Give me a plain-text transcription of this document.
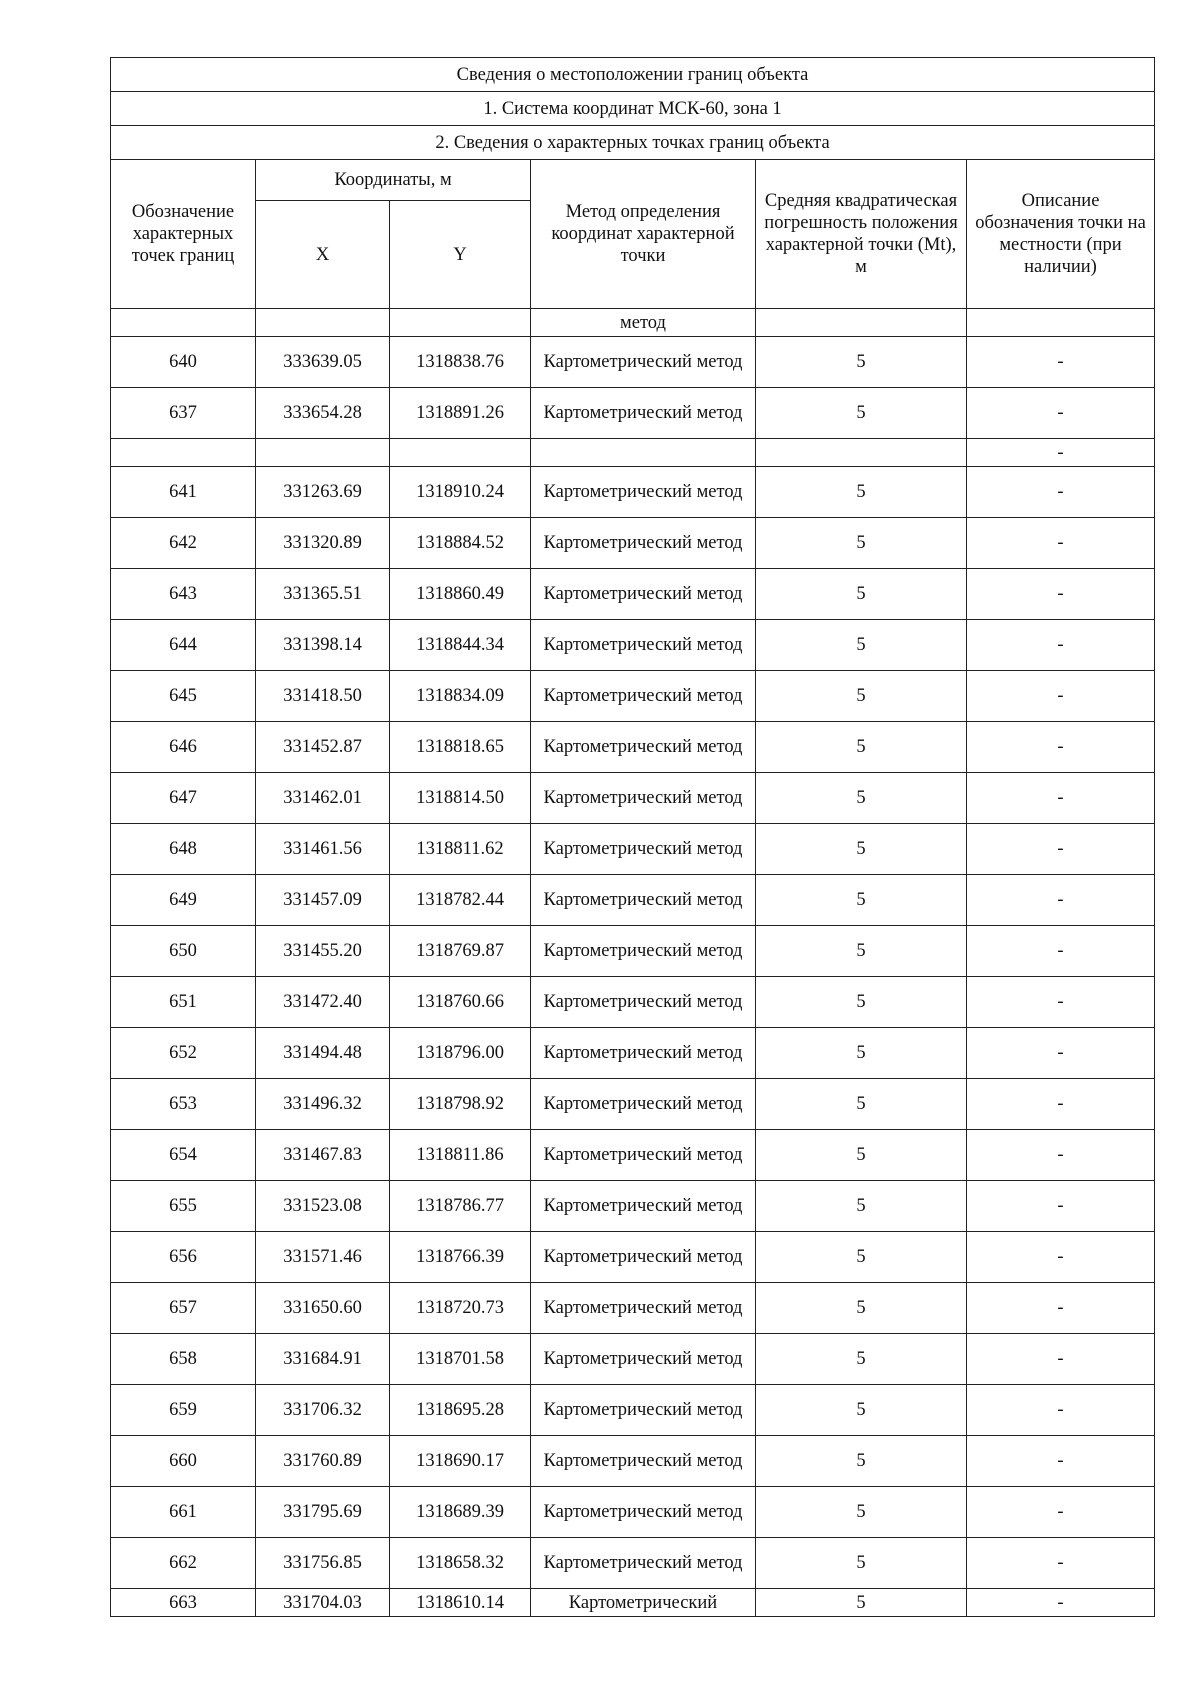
Сведения о местоположении границ объекта					
1. Система координат МСК-60, зона 1					
2. Сведения о характерных точках границ объекта					
Обозначение характерных точек границ	Координаты, м		Метод определения координат характерной точки	Средняя квадратическая погрешность положения характерной точки (Mt), м	Описание обозначения точки на местности (при наличии)
	X	Y			
			метод		
640	333639.05	1318838.76	Картометрический метод	5	-
637	333654.28	1318891.26	Картометрический метод	5	-
					-
641	331263.69	1318910.24	Картометрический метод	5	-
642	331320.89	1318884.52	Картометрический метод	5	-
643	331365.51	1318860.49	Картометрический метод	5	-
644	331398.14	1318844.34	Картометрический метод	5	-
645	331418.50	1318834.09	Картометрический метод	5	-
646	331452.87	1318818.65	Картометрический метод	5	-
647	331462.01	1318814.50	Картометрический метод	5	-
648	331461.56	1318811.62	Картометрический метод	5	-
649	331457.09	1318782.44	Картометрический метод	5	-
650	331455.20	1318769.87	Картометрический метод	5	-
651	331472.40	1318760.66	Картометрический метод	5	-
652	331494.48	1318796.00	Картометрический метод	5	-
653	331496.32	1318798.92	Картометрический метод	5	-
654	331467.83	1318811.86	Картометрический метод	5	-
655	331523.08	1318786.77	Картометрический метод	5	-
656	331571.46	1318766.39	Картометрический метод	5	-
657	331650.60	1318720.73	Картометрический метод	5	-
658	331684.91	1318701.58	Картометрический метод	5	-
659	331706.32	1318695.28	Картометрический метод	5	-
660	331760.89	1318690.17	Картометрический метод	5	-
661	331795.69	1318689.39	Картометрический метод	5	-
662	331756.85	1318658.32	Картометрический метод	5	-
663	331704.03	1318610.14	Картометрический	5	-
